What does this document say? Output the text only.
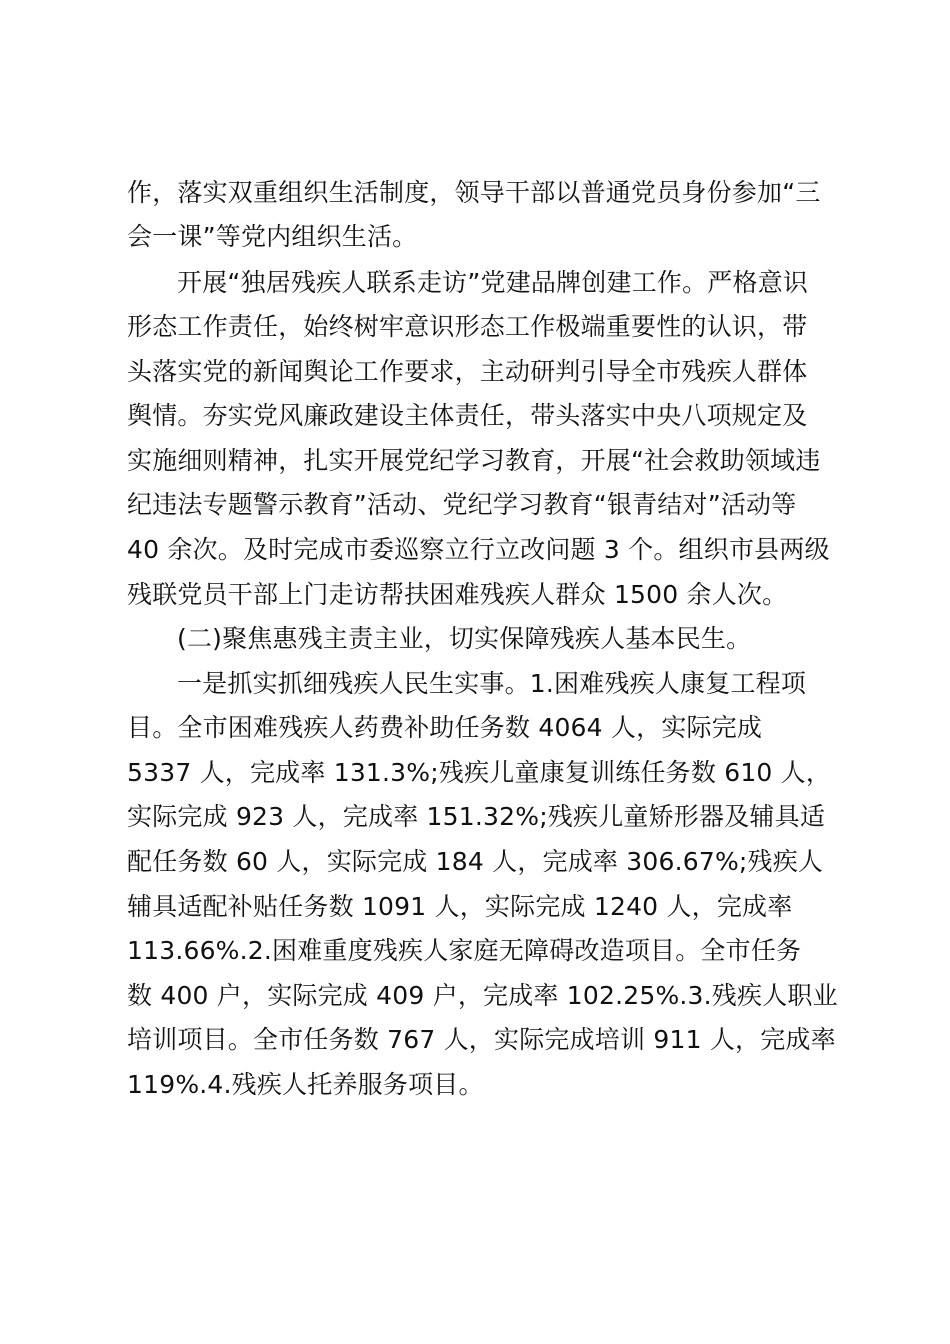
作，落实双重组织生活制度，领导干部以普通党员身份参加“三
会一课”等党内组织生活。
开展“独居残疾人联系走访”党建品牌创建工作。严格意识
形态工作责任，始终树牢意识形态工作极端重要性的认识，带
头落实党的新闻舆论工作要求，主动研判引导全市残疾人群体
舆情。夯实党风廉政建设主体责任，带头落实中央八项规定及
实施细则精神，扎实开展党纪学习教育，开展“社会救助领域违
纪违法专题警示教育”活动、党纪学习教育“银青结对”活动等
40 余次。及时完成市委巡察立行立改问题 3 个。组织市县两级
残联党员干部上门走访帮扶困难残疾人群众 1500 余人次。
(二)聚焦惠残主责主业，切实保障残疾人基本民生。
一是抓实抓细残疾人民生实事。1.困难残疾人康复工程项
目。全市困难残疾人药费补助任务数 4064 人，实际完成
5337 人，完成率 131.3%;残疾儿童康复训练任务数 610 人，
实际完成 923 人，完成率 151.32%;残疾儿童矫形器及辅具适
配任务数 60 人，实际完成 184 人，完成率 306.67%;残疾人
辅具适配补贴任务数 1091 人，实际完成 1240 人，完成率
113.66%.2.困难重度残疾人家庭无障碍改造项目。全市任务
数 400 户，实际完成 409 户，完成率 102.25%.3.残疾人职业
培训项目。全市任务数 767 人，实际完成培训 911 人，完成率
119%.4.残疾人托养服务项目。
